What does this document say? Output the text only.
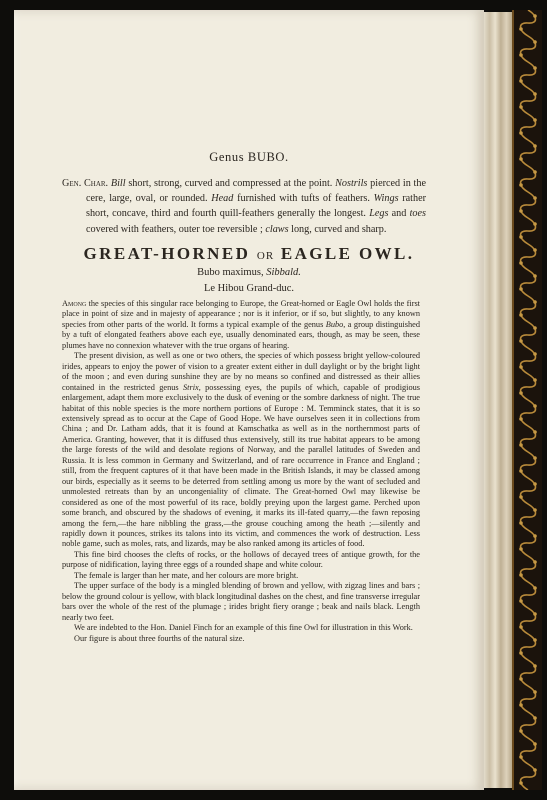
Genus BUBO.
Gen. Char. Bill short, strong, curved and compressed at the point. Nostrils pierced in the cere, large, oval, or rounded. Head furnished with tufts of feathers. Wings rather short, concave, third and fourth quill-feathers generally the longest. Legs and toes covered with feathers, outer toe reversible ; claws long, curved and sharp.
GREAT-HORNED OR EAGLE OWL.
Bubo maximus, Sibbald.
Le Hibou Grand-duc.

Among the species of this singular race belonging to Europe, the Great-horned or Eagle Owl holds the first place in point of size and in majesty of appearance ; nor is it inferior, or if so, but slightly, to any known species from other parts of the world. It forms a typical example of the genus Bubo, a group distinguished by a tuft of elongated feathers above each eye, usually denominated ears, though, as may be seen, these plumes have no connexion whatever with the true organs of hearing.

The present division, as well as one or two others, the species of which possess bright yellow-coloured irides, appears to enjoy the power of vision to a greater extent either in dull daylight or by the bright light of the moon ; and even during sunshine they are by no means so confined and distressed as their allies contained in the restricted genus Strix, possessing eyes, the pupils of which, capable of prodigious enlargement, adapt them more exclusively to the dusk of evening or the sombre darkness of night. The true habitat of this noble species is the more northern portions of Europe : M. Temminck states, that it is so extensively spread as to occur at the Cape of Good Hope. We have ourselves seen it in collections from China ; and Dr. Latham adds, that it is found at Kamschatka as well as in the northernmost parts of America. Granting, however, that it is diffused thus extensively, still its true habitat appears to be among the large forests of the wild and desolate regions of Norway, and the parallel latitudes of Sweden and Russia. It is less common in Germany and Switzerland, and of rare occurrence in France and England ; still, from the frequent captures of it that have been made in the British Islands, it may be classed among our birds, especially as it seems to be deterred from settling among us more by the want of secluded and unmolested retreats than by an uncongeniality of climate. The Great-horned Owl may likewise be considered as one of the most powerful of its race, boldly preying upon the largest game. Perched upon some branch, and obscured by the shadows of evening, it marks its ill-fated quarry,—the fawn reposing among the fern,—the hare nibbling the grass,—the grouse couching among the heath ;—silently and rapidly down it pounces, strikes its talons into its victim, and commences the work of destruction. Less noble game, such as moles, rats, and lizards, may be also ranked among its articles of food.

This fine bird chooses the clefts of rocks, or the hollows of decayed trees of antique growth, for the purpose of nidification, laying three eggs of a rounded shape and white colour.

The female is larger than her mate, and her colours are more bright.

The upper surface of the body is a mingled blending of brown and yellow, with zigzag lines and bars ; below the ground colour is yellow, with black longitudinal dashes on the chest, and fine transverse irregular bars over the whole of the rest of the plumage ; irides bright fiery orange ; beak and nails black. Length nearly two feet.

We are indebted to the Hon. Daniel Finch for an example of this fine Owl for illustration in this Work.

Our figure is about three fourths of the natural size.
